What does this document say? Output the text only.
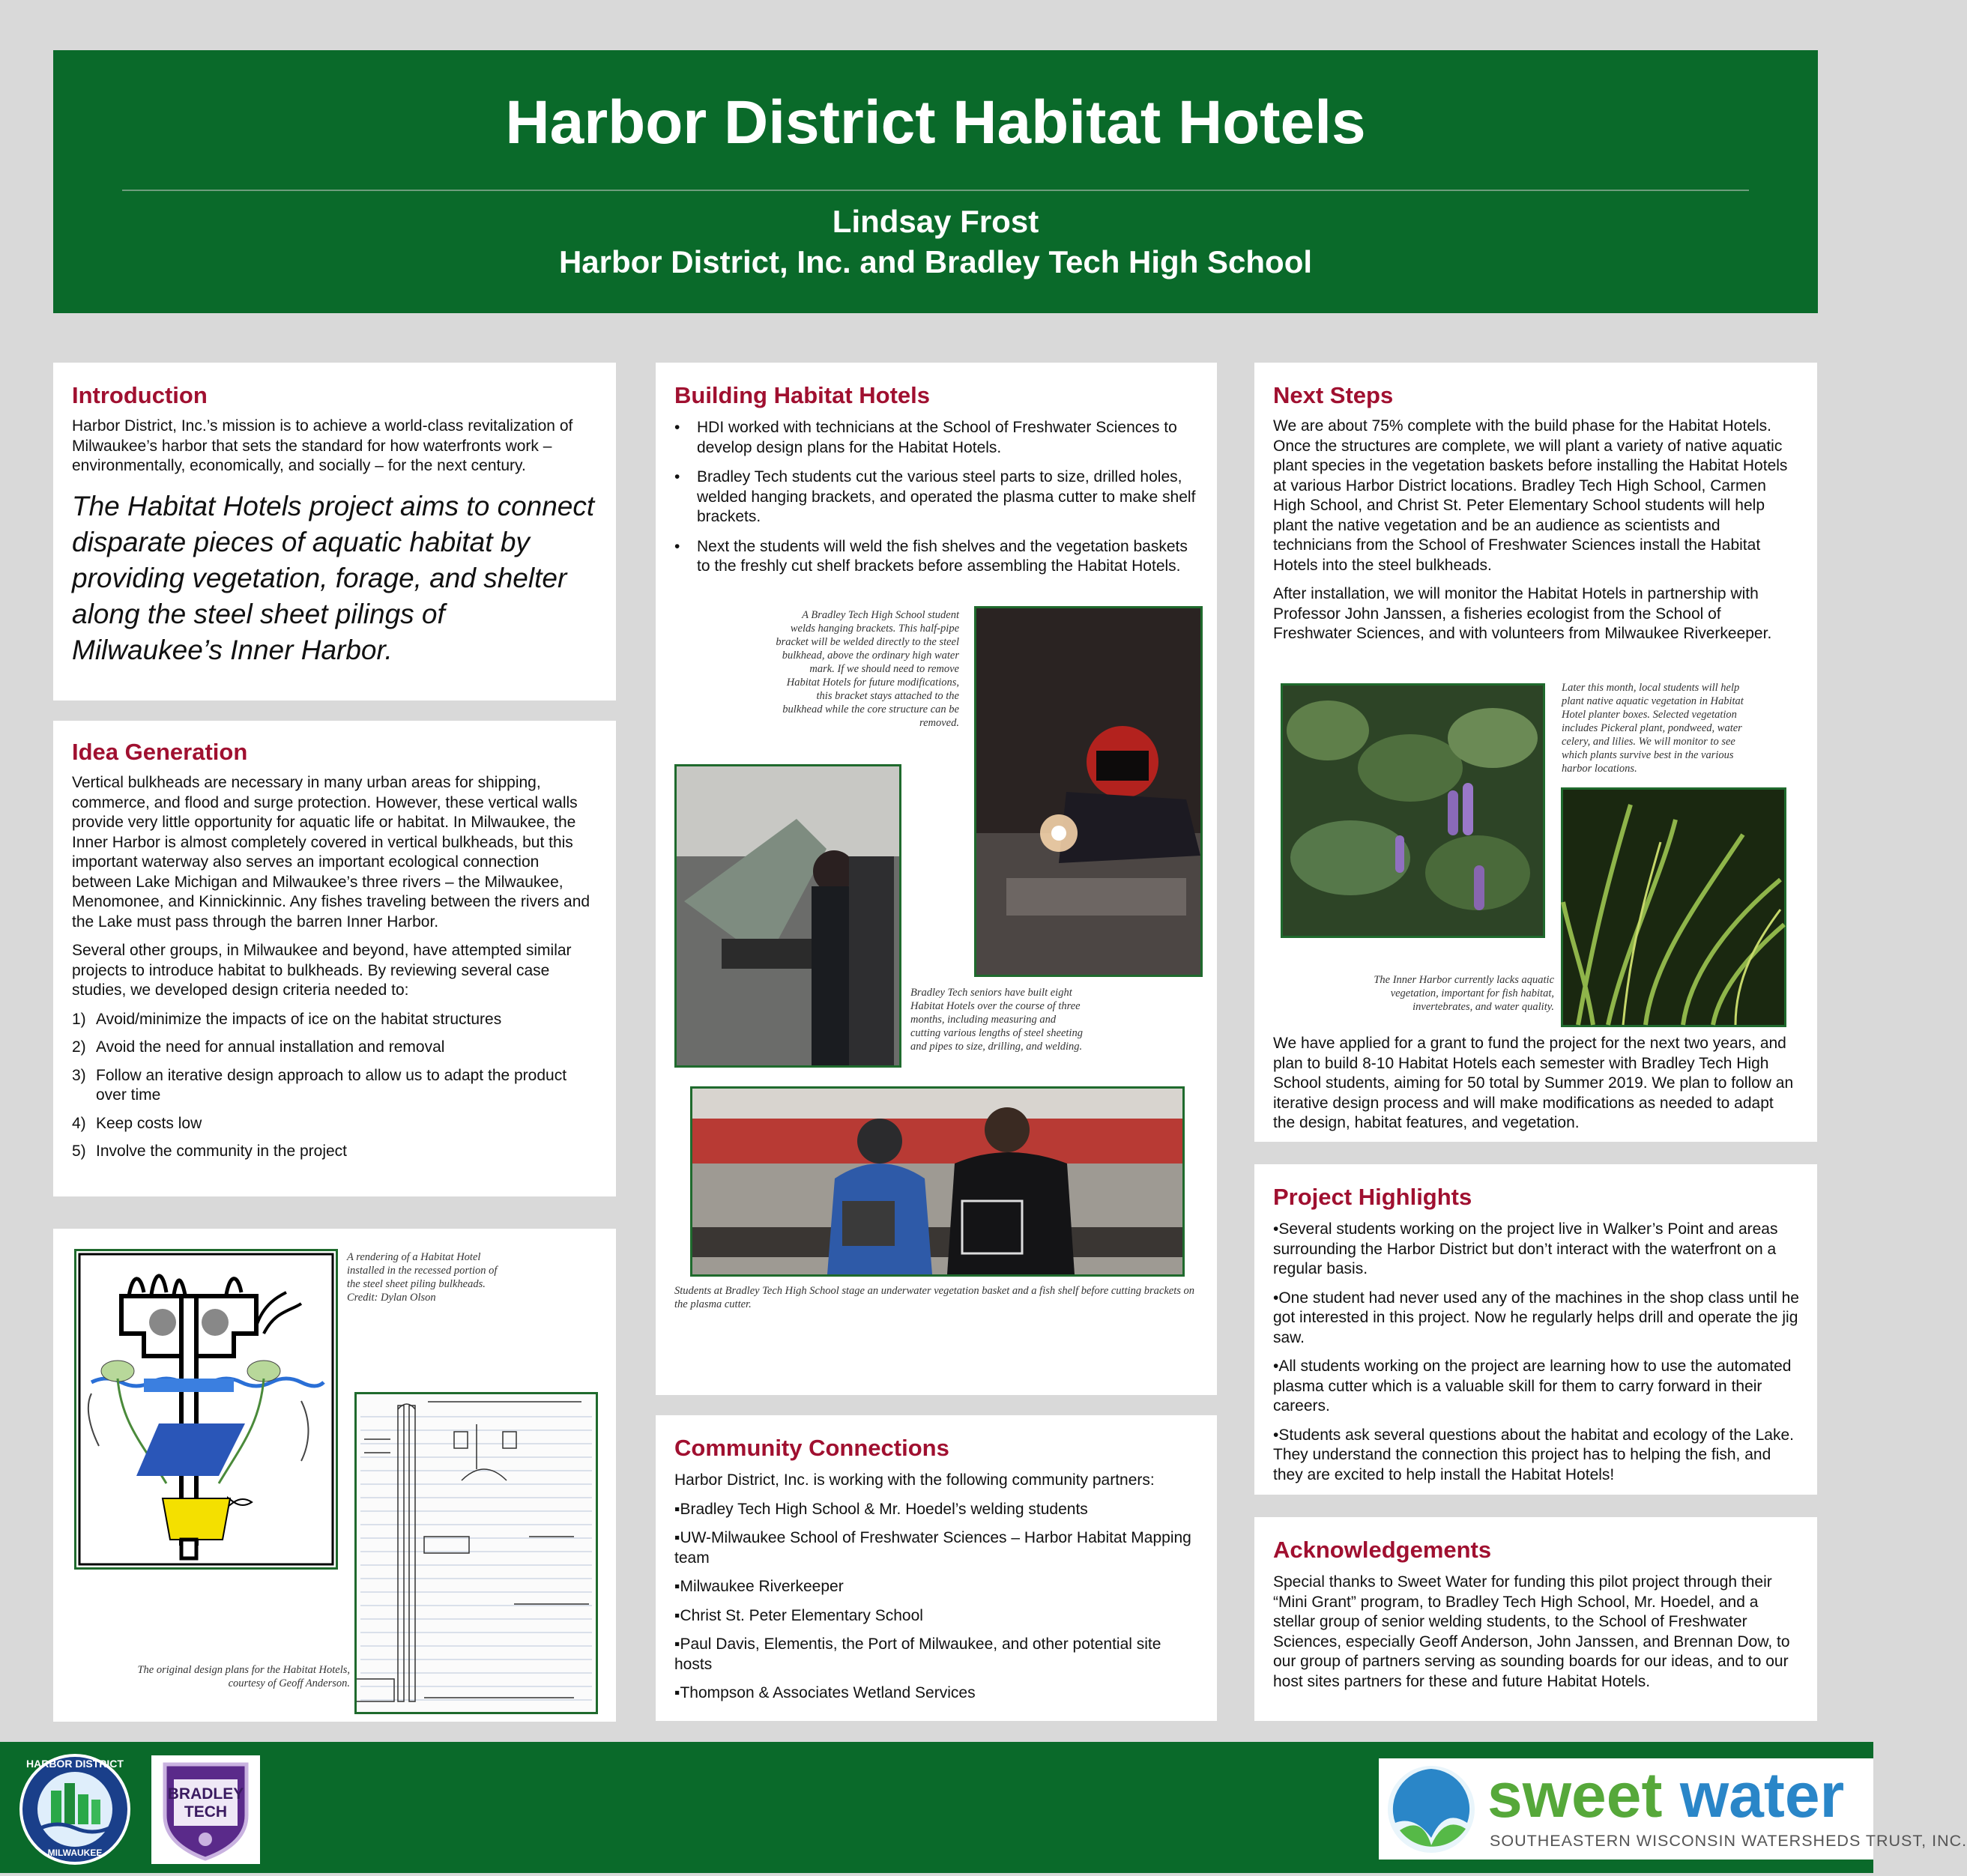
Harbor District Habitat Hotels
Lindsay Frost
Harbor District, Inc. and Bradley Tech High School
Introduction
Harbor District, Inc.’s mission is to achieve a world-class revitalization of Milwaukee’s harbor that sets the standard for how waterfronts work – environmentally, economically, and socially – for the next century.
The Habitat Hotels project aims to connect disparate pieces of aquatic habitat by providing vegetation, forage, and shelter along the steel sheet pilings of Milwaukee’s Inner Harbor.
Idea Generation

Vertical bulkheads are necessary in many urban areas for shipping, commerce, and flood and surge protection. However, these vertical walls provide very little opportunity for aquatic life or habitat. In Milwaukee, the Inner Harbor is almost completely covered in vertical bulkheads, but this important waterway also serves an important ecological connection between Lake Michigan and Milwaukee’s three rivers – the Milwaukee, Menomonee, and Kinnickinnic. Any fishes traveling between the rivers and the Lake must pass through the barren Inner Harbor.

Several other groups, in Milwaukee and beyond, have attempted similar projects to introduce habitat to bulkheads. By reviewing several case studies, we developed design criteria needed to:

1) Avoid/minimize the impacts of ice on the habitat structures
2) Avoid the need for annual installation and removal
3) Follow an iterative design approach to allow us to adapt the product over time
4) Keep costs low
5) Involve the community in the project
A rendering of a Habitat Hotel installed in the recessed portion of the steel sheet piling bulkheads. Credit: Dylan Olson
The original design plans for the Habitat Hotels, courtesy of Geoff Anderson.
Building Habitat Hotels
• HDI worked with technicians at the School of Freshwater Sciences to develop design plans for the Habitat Hotels.
• Bradley Tech students cut the various steel parts to size, drilled holes, welded hanging brackets, and operated the plasma cutter to make shelf brackets.
• Next the students will weld the fish shelves and the vegetation baskets to the freshly cut shelf brackets before assembling the Habitat Hotels.
A Bradley Tech High School student welds hanging brackets. This half-pipe bracket will be welded directly to the steel bulkhead, above the ordinary high water mark. If we should need to remove Habitat Hotels for future modifications, this bracket stays attached to the bulkhead while the core structure can be removed.
Bradley Tech seniors have built eight Habitat Hotels over the course of three months, including measuring and cutting various lengths of steel sheeting and pipes to size, drilling, and welding.
Students at Bradley Tech High School stage an underwater vegetation basket and a fish shelf before cutting brackets on the plasma cutter.
Community Connections

Harbor District, Inc. is working with the following community partners:

▪Bradley Tech High School & Mr. Hoedel’s welding students

▪UW-Milwaukee School of Freshwater Sciences – Harbor Habitat Mapping team

▪Milwaukee Riverkeeper

▪Christ St. Peter Elementary School

▪Paul Davis, Elementis, the Port of Milwaukee, and other potential site hosts

▪Thompson & Associates Wetland Services

Next Steps

We are about 75% complete with the build phase for the Habitat Hotels. Once the structures are complete, we will plant a variety of native aquatic plant species in the vegetation baskets before installing the Habitat Hotels at various Harbor District locations. Bradley Tech High School, Carmen High School, and Christ St. Peter Elementary School students will help plant the native vegetation and be an audience as scientists and technicians from the School of Freshwater Sciences install the Habitat Hotels into the steel bulkheads.

After installation, we will monitor the Habitat Hotels in partnership with Professor John Janssen, a fisheries ecologist from the School of Freshwater Sciences, and with volunteers from Milwaukee Riverkeeper.

Later this month, local students will help plant native aquatic vegetation in Habitat Hotel planter boxes. Selected vegetation includes Pickeral plant, pondweed, water celery, and lilies. We will monitor to see which plants survive best in the various harbor locations.
The Inner Harbor currently lacks aquatic vegetation, important for fish habitat, invertebrates, and water quality.
We have applied for a grant to fund the project for the next two years, and plan to build 8-10 Habitat Hotels each semester with Bradley Tech High School students, aiming for 50 total by Summer 2019. We plan to follow an iterative design process and will make modifications as needed to adapt the design, habitat features, and vegetation.
Project Highlights

•Several students working on the project live in Walker’s Point and areas surrounding the Harbor District but don’t interact with the waterfront on a regular basis.

•One student had never used any of the machines in the shop class until he got interested in this project. Now he regularly helps drill and operate the jig saw.

•All students working on the project are learning how to use the automated plasma cutter which is a valuable skill for them to carry forward in their careers.

•Students ask several questions about the habitat and ecology of the Lake. They understand the connection this project has to helping the fish, and they are excited to help install the Habitat Hotels!

Acknowledgements
Special thanks to Sweet Water for funding this pilot project through their “Mini Grant” program, to Bradley Tech High School, Mr. Hoedel, and a stellar group of senior welding students, to the School of Freshwater Sciences, especially Geoff Anderson, John Janssen, and Brennan Dow, to our group of partners serving as sounding boards for our ideas, and to our host sites partners for these and future Habitat Hotels.
HARBOR DISTRICT
MILWAUKEE
BRADLEY
TECH	sweet water
SOUTHEASTERN WISCONSIN WATERSHEDS TRUST, INC.
